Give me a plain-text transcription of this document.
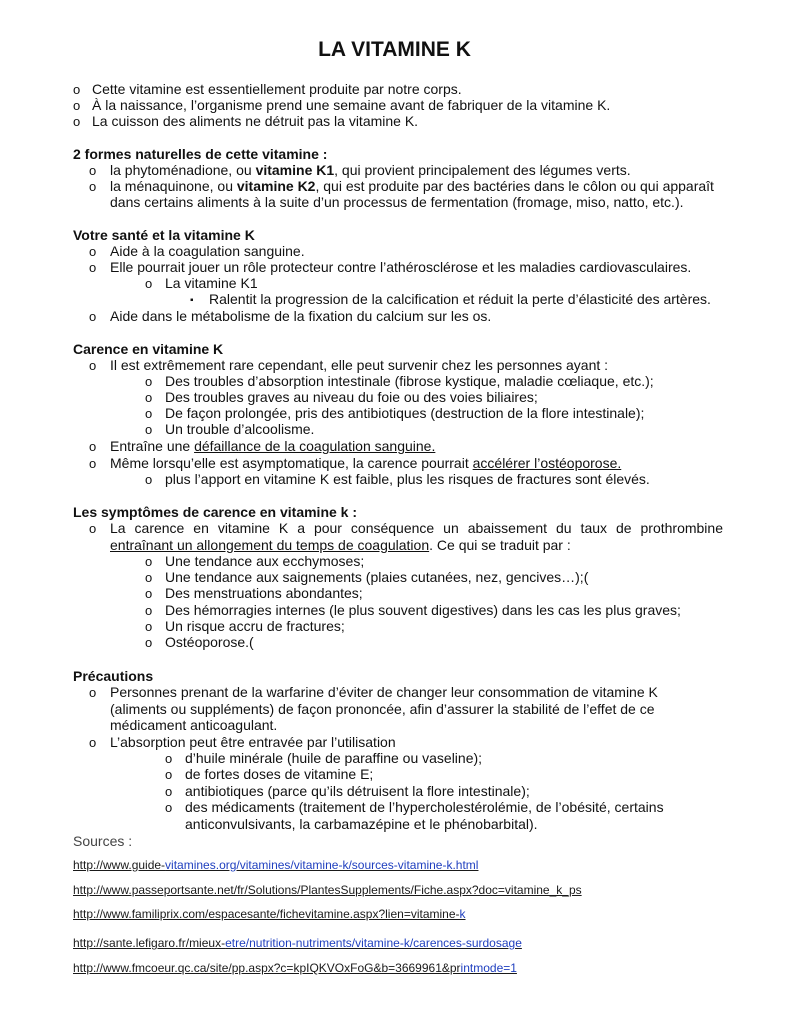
LA VITAMINE K
o Cette vitamine est essentiellement produite par notre corps.
o À la naissance, l’organisme prend une semaine avant de fabriquer de la vitamine K.
o La cuisson des aliments ne détruit pas la vitamine K.
2 formes naturelles de cette vitamine :
o la phytoménadione, ou vitamine K1, qui provient principalement des légumes verts.
o la ménaquinone, ou vitamine K2, qui est produite par des bactéries dans le côlon ou qui apparaît
dans certains aliments à la suite d’un processus de fermentation (fromage, miso, natto, etc.).
Votre santé et la vitamine K
o Aide à la coagulation sanguine.
o Elle pourrait jouer un rôle protecteur contre l’athérosclérose et les maladies cardiovasculaires.
o La vitamine K1
▪ Ralentit la progression de la calcification et réduit la perte d’élasticité des artères.
o Aide dans le métabolisme de la fixation du calcium sur les os.
Carence en vitamine K
o Il est extrêmement rare cependant, elle peut survenir chez les personnes ayant :
o Des troubles d’absorption intestinale (fibrose kystique, maladie cœliaque, etc.);
o Des troubles graves au niveau du foie ou des voies biliaires;
o De façon prolongée, pris des antibiotiques (destruction de la flore intestinale);
o Un trouble d’alcoolisme.
o Entraîne une défaillance de la coagulation sanguine.
o Même lorsqu’elle est asymptomatique, la carence pourrait accélérer l’ostéoporose.
o plus l’apport en vitamine K est faible, plus les risques de fractures sont élevés.
Les symptômes de carence en vitamine k :
o La carence en vitamine K a pour conséquence un abaissement du taux de prothrombine
entraînant un allongement du temps de coagulation. Ce qui se traduit par :
o Une tendance aux ecchymoses;
o Une tendance aux saignements (plaies cutanées, nez, gencives…);(
o Des menstruations abondantes;
o Des hémorragies internes (le plus souvent digestives) dans les cas les plus graves;
o Un risque accru de fractures;
o Ostéoporose.(
Précautions
o Personnes prenant de la warfarine d’éviter de changer leur consommation de vitamine K
(aliments ou suppléments) de façon prononcée, afin d’assurer la stabilité de l’effet de ce
médicament anticoagulant.
o L’absorption peut être entravée par l’utilisation
o d’huile minérale (huile de paraffine ou vaseline);
o de fortes doses de vitamine E;
o antibiotiques (parce qu’ils détruisent la flore intestinale);
o des médicaments (traitement de l’hypercholestérolémie, de l’obésité, certains
anticonvulsivants, la carbamazépine et le phénobarbital).
Sources :
http://www.guide-vitamines.org/vitamines/vitamine-k/sources-vitamine-k.html
http://www.passeportsante.net/fr/Solutions/PlantesSupplements/Fiche.aspx?doc=vitamine_k_ps
http://www.familiprix.com/espacesante/fichevitamine.aspx?lien=vitamine-k
http://sante.lefigaro.fr/mieux-etre/nutrition-nutriments/vitamine-k/carences-surdosage
http://www.fmcoeur.qc.ca/site/pp.aspx?c=kpIQKVOxFoG&b=3669961&printmode=1
